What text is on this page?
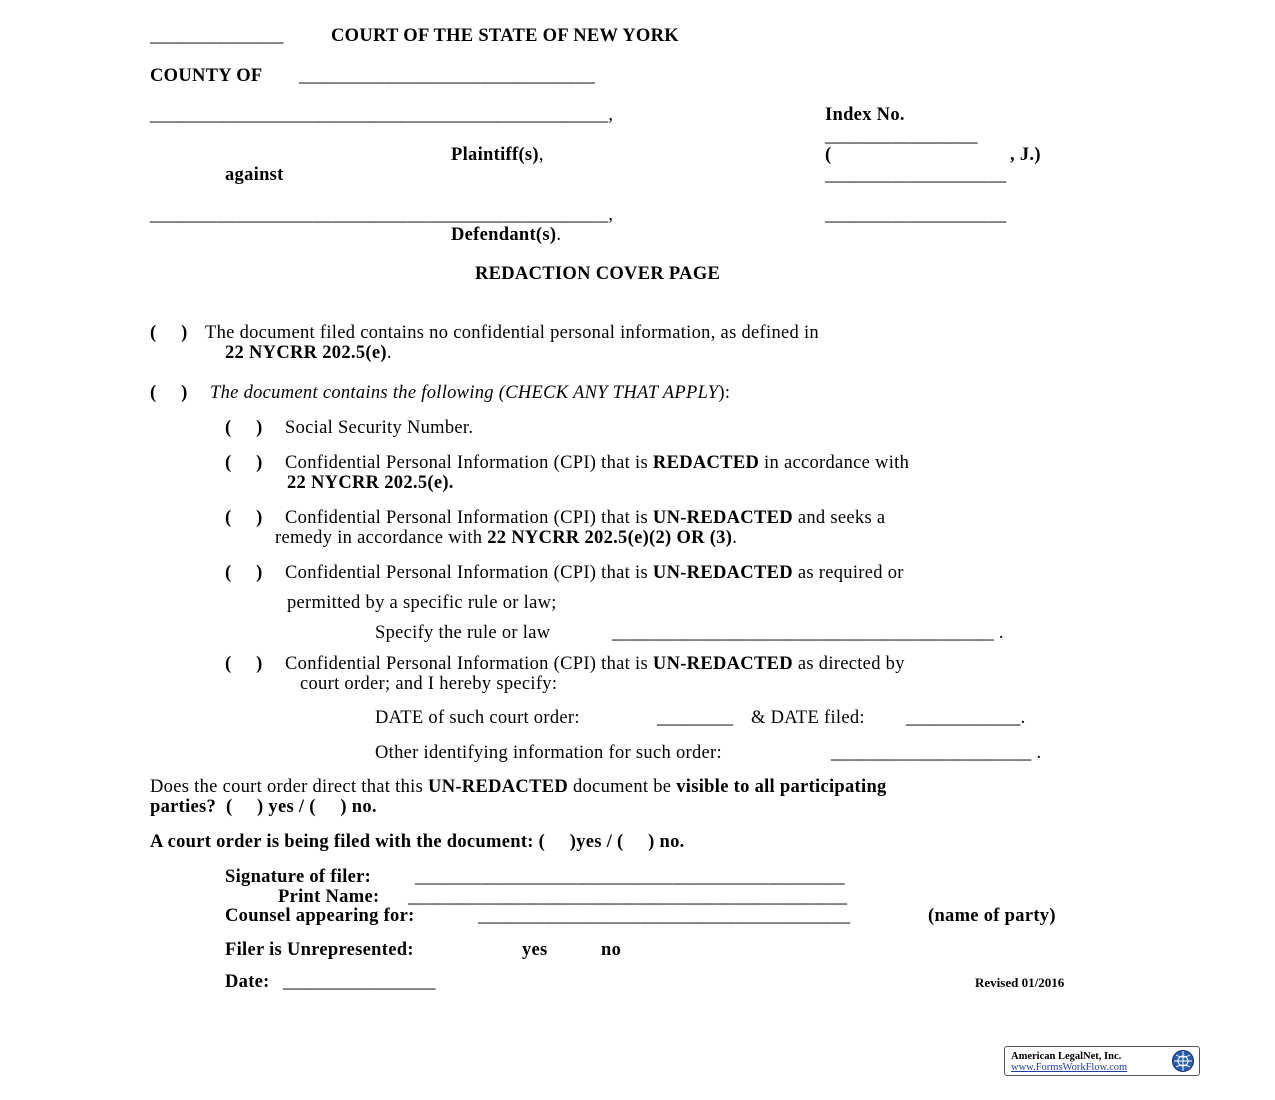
______________	COURT OF THE STATE OF NEW YORK
COUNTY OF _______________________________
________________________________________________,
Plaintiff(s),
against
________________________________________________,
Defendant(s).
Index No.
________________
(	, J.)
___________________
___________________
REDACTION COVER PAGE
(     ) The document filed contains no confidential personal information, as defined in
22 NYCRR 202.5(e).
(     ) The document contains the following (CHECK ANY THAT APPLY):
(     ) Social Security Number.
(     ) Confidential Personal Information (CPI) that is REDACTED in accordance with
22 NYCRR 202.5(e).
(     ) Confidential Personal Information (CPI) that is UN-REDACTED and seeks a
remedy in accordance with 22 NYCRR 202.5(e)(2) OR (3).
(     ) Confidential Personal Information (CPI) that is UN-REDACTED as required or
permitted by a specific rule or law;
Specify the rule or law	________________________________________ .
(     ) Confidential Personal Information (CPI) that is UN-REDACTED as directed by
court order; and I hereby specify:
DATE of such court order:	________ & DATE filed: ____________.
Other identifying information for such order:	_____________________ .
Does the court order direct that this UN-REDACTED document be visible to all participating
parties?  (     ) yes / (     ) no.
A court order is being filed with the document: (     )yes / (     ) no.
Signature of filer: _____________________________________________
Print Name: ______________________________________________
Counsel appearing for:	_______________________________________	(name of party)
Filer is Unrepresented:	yes	no
Date: ________________	Revised 01/2016
American LegalNet, Inc.
www.FormsWorkFlow.com
